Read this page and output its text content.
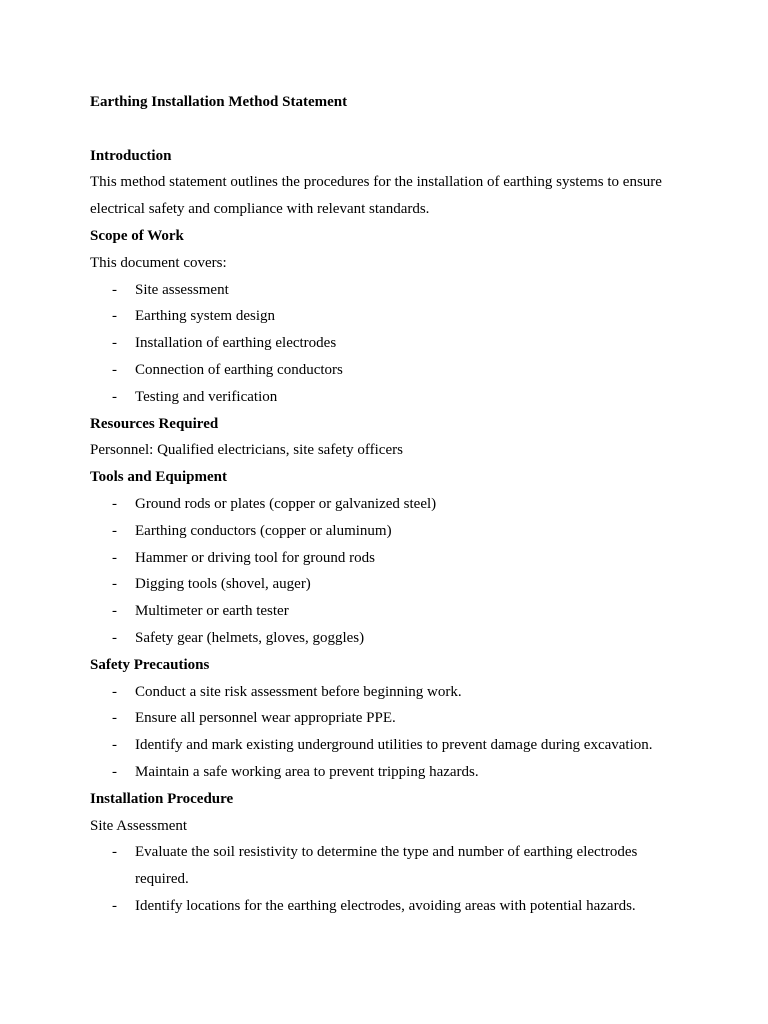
Earthing Installation Method Statement
Introduction
This method statement outlines the procedures for the installation of earthing systems to ensure electrical safety and compliance with relevant standards.
Scope of Work
This document covers:
- Site assessment
- Earthing system design
- Installation of earthing electrodes
- Connection of earthing conductors
- Testing and verification
Resources Required
Personnel: Qualified electricians, site safety officers
Tools and Equipment
- Ground rods or plates (copper or galvanized steel)
- Earthing conductors (copper or aluminum)
- Hammer or driving tool for ground rods
- Digging tools (shovel, auger)
- Multimeter or earth tester
- Safety gear (helmets, gloves, goggles)
Safety Precautions
- Conduct a site risk assessment before beginning work.
- Ensure all personnel wear appropriate PPE.
- Identify and mark existing underground utilities to prevent damage during excavation.
- Maintain a safe working area to prevent tripping hazards.
Installation Procedure
Site Assessment
- Evaluate the soil resistivity to determine the type and number of earthing electrodes required.
- Identify locations for the earthing electrodes, avoiding areas with potential hazards.
